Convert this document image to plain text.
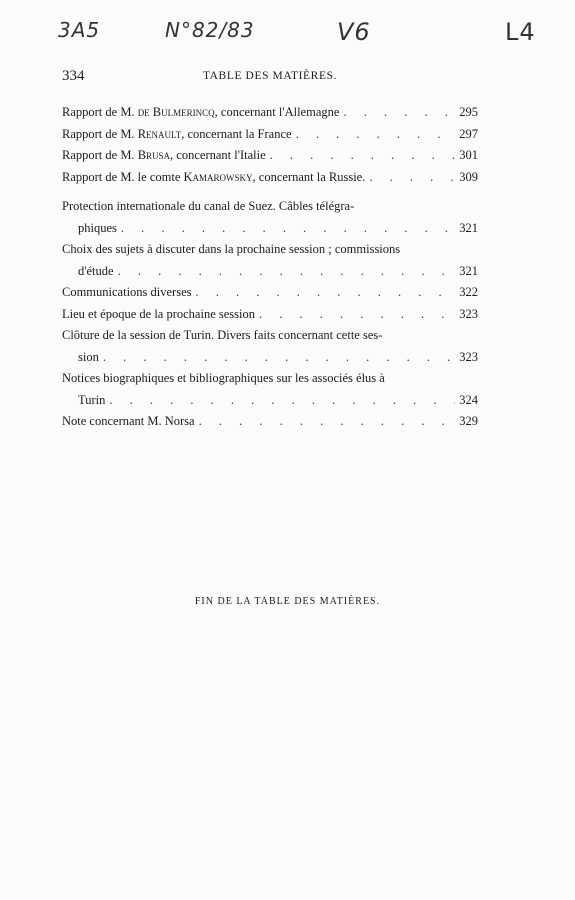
3A5	N°82/83	V6	L4
334	TABLE DES MATIÈRES.
Rapport de M. de Bulmerincq, concernant l'Allemagne . . .	295
Rapport de M. Renault, concernant la France . . .	297
Rapport de M. Brusa, concernant l'Italie . . .	301
Rapport de M. le comte Kamarowsky, concernant la Russie. . . .	309
Protection internationale du canal de Suez. Câbles télégra-
phiques . . .	321
Choix des sujets à discuter dans la prochaine session ; commissions
d'étude . . .	321
Communications diverses . . .	322
Lieu et époque de la prochaine session . . .	323
Clôture de la session de Turin. Divers faits concernant cette ses-
sion . . .	323
Notices biographiques et bibliographiques sur les associés élus à
Turin . . .	324
Note concernant M. Norsa . . .	329
FIN DE LA TABLE DES MATIÈRES.
